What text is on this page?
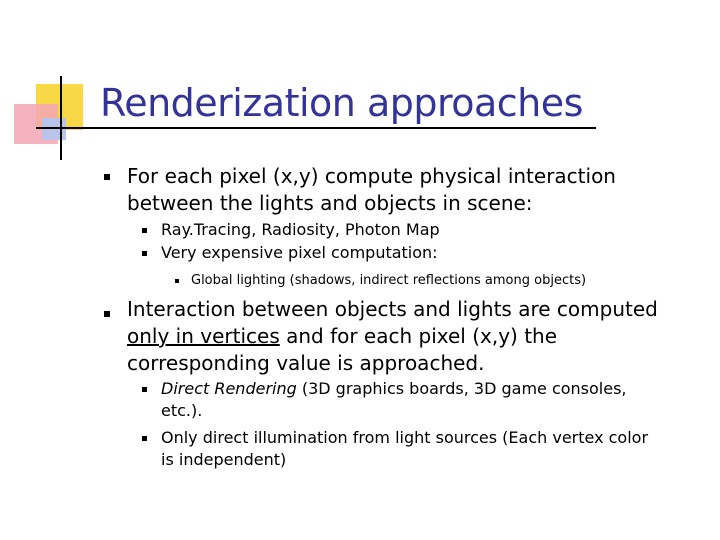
Renderization approaches
For each pixel (x,y) compute physical interaction
between the lights and objects in scene:
Ray.Tracing, Radiosity, Photon Map
Very expensive pixel computation:
Global lighting (shadows, indirect reflections among objects)
Interaction between objects and lights are computed
only in vertices and for each pixel (x,y) the
corresponding value is approached.
Direct Rendering (3D graphics boards, 3D game consoles,
etc.).
Only direct illumination from light sources (Each vertex color
is independent)
